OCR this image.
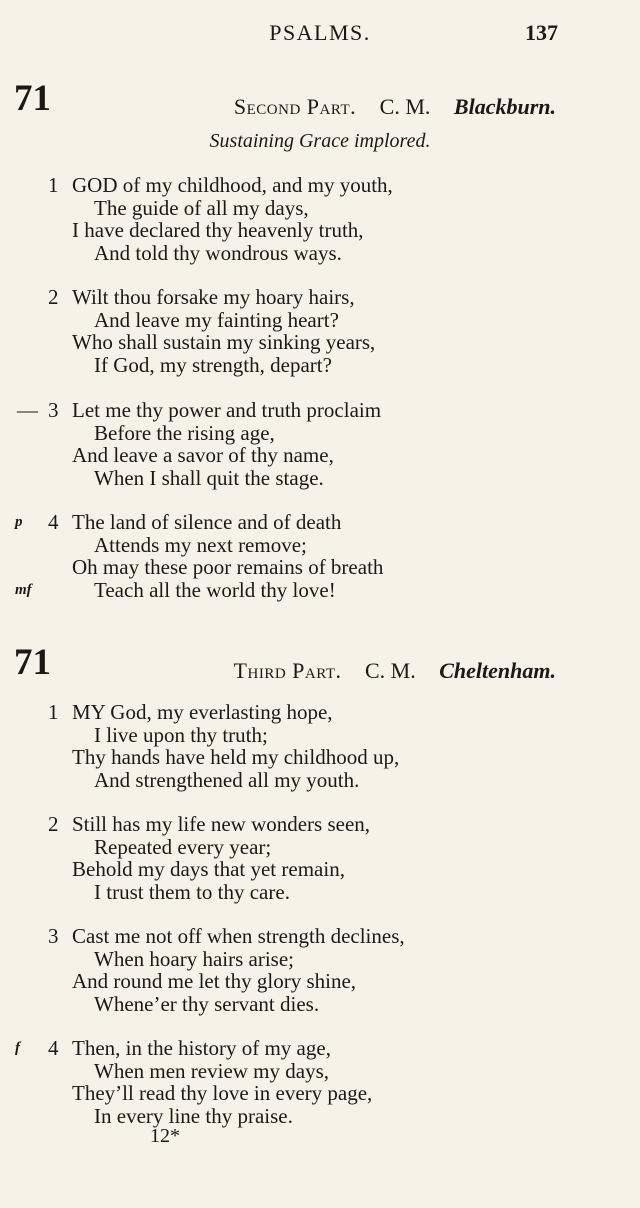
PSALMS.	137
71	Second Part. C. M. Blackburn.
Sustaining Grace implored.
1 GOD of my childhood, and my youth,
The guide of all my days,
I have declared thy heavenly truth,
And told thy wondrous ways.
2 Wilt thou forsake my hoary hairs,
And leave my fainting heart?
Who shall sustain my sinking years,
If God, my strength, depart?
— 3 Let me thy power and truth proclaim
Before the rising age,
And leave a savor of thy name,
When I shall quit the stage.
p 4 The land of silence and of death
Attends my next remove;
Oh may these poor remains of breath
mf	Teach all the world thy love!
71	Third Part. C. M. Cheltenham.
1 MY God, my everlasting hope,
I live upon thy truth;
Thy hands have held my childhood up,
And strengthened all my youth.
2 Still has my life new wonders seen,
Repeated every year;
Behold my days that yet remain,
I trust them to thy care.
3 Cast me not off when strength declines,
When hoary hairs arise;
And round me let thy glory shine,
Whene’er thy servant dies.
f 4 Then, in the history of my age,
When men review my days,
They’ll read thy love in every page,
In every line thy praise.
12*
